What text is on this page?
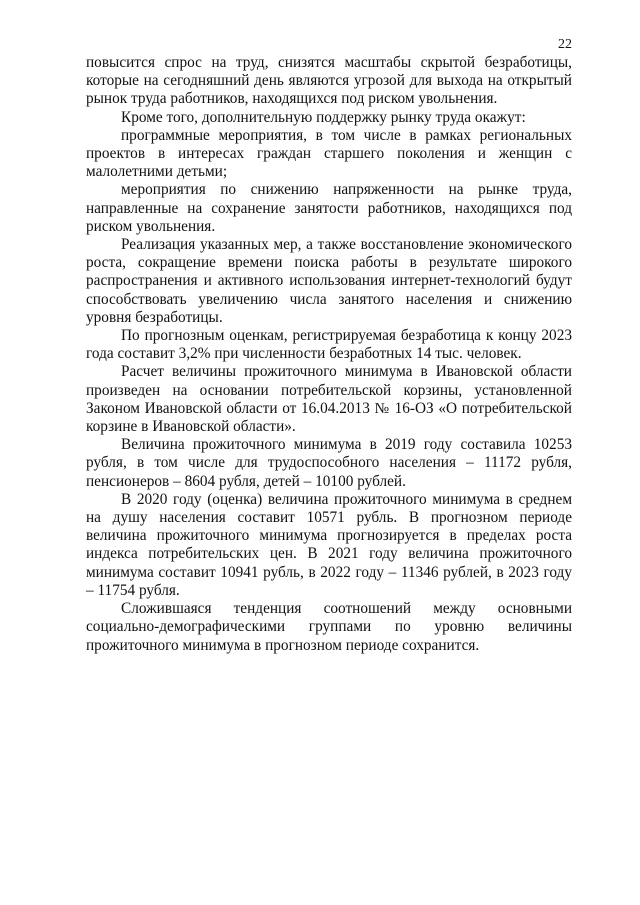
22

повысится спрос на труд, снизятся масштабы скрытой безработицы, которые на сегодняшний день являются угрозой для выхода на открытый рынок труда работников, находящихся под риском увольнения.

Кроме того, дополнительную поддержку рынку труда окажут:

программные мероприятия, в том числе в рамках региональных проектов в интересах граждан старшего поколения и женщин с малолетними детьми;

мероприятия по снижению напряженности на рынке труда, направленные на сохранение занятости работников, находящихся под риском увольнения.

Реализация указанных мер, а также восстановление экономического роста, сокращение времени поиска работы в результате широкого распространения и активного использования интернет-технологий будут способствовать увеличению числа занятого населения и снижению уровня безработицы.

По прогнозным оценкам, регистрируемая безработица к концу 2023 года составит 3,2% при численности безработных 14 тыс. человек.

Расчет величины прожиточного минимума в Ивановской области произведен на основании потребительской корзины, установленной Законом Ивановской области от 16.04.2013 № 16-ОЗ «О потребительской корзине в Ивановской области».

Величина прожиточного минимума в 2019 году составила 10253 рубля, в том числе для трудоспособного населения – 11172 рубля, пенсионеров – 8604 рубля, детей – 10100 рублей.

В 2020 году (оценка) величина прожиточного минимума в среднем на душу населения составит 10571 рубль. В прогнозном периоде величина прожиточного минимума прогнозируется в пределах роста индекса потребительских цен. В 2021 году величина прожиточного минимума составит 10941 рубль, в 2022 году – 11346 рублей, в 2023 году – 11754 рубля.

Сложившаяся тенденция соотношений между основными социально-демографическими группами по уровню величины прожиточного минимума в прогнозном периоде сохранится.
